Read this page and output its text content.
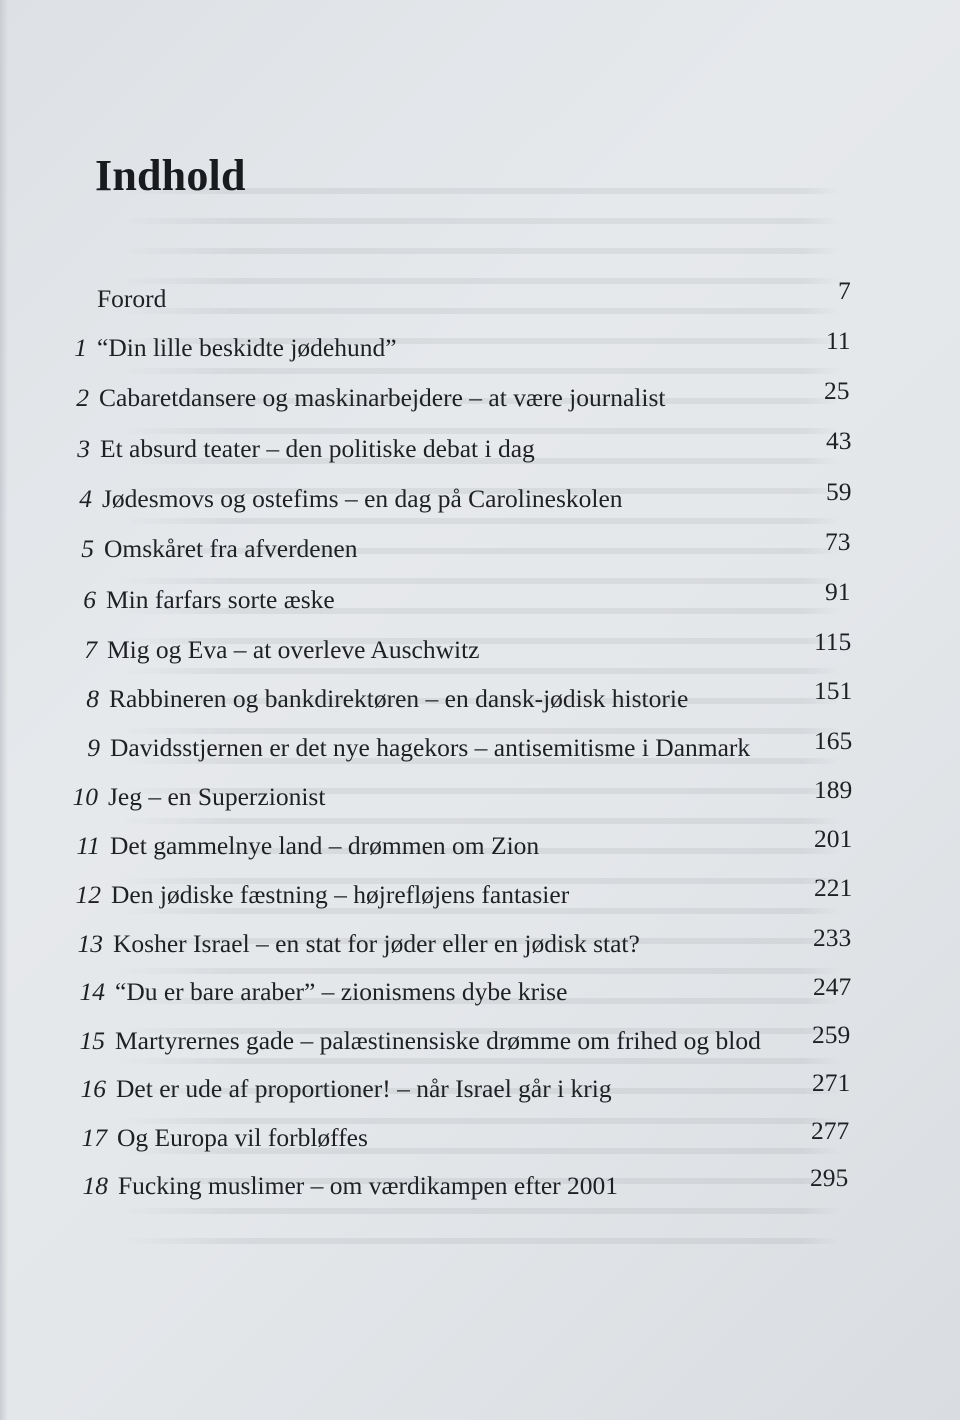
Indhold
Forord	7
1 “Din lille beskidte jødehund”	11
2 Cabaretdansere og maskinarbejdere – at være journalist	25
3 Et absurd teater – den politiske debat i dag	43
4 Jødesmovs og ostefims – en dag på Carolineskolen	59
5 Omskåret fra afverdenen	73
6 Min farfars sorte æske	91
7 Mig og Eva – at overleve Auschwitz	115
8 Rabbineren og bankdirektøren – en dansk-jødisk historie	151
9 Davidsstjernen er det nye hagekors – antisemitisme i Danmark	165
10 Jeg – en Superzionist	189
11 Det gammelnye land – drømmen om Zion	201
12 Den jødiske fæstning – højrefløjens fantasier	221
13 Kosher Israel – en stat for jøder eller en jødisk stat?	233
14 “Du er bare araber” – zionismens dybe krise	247
15 Martyrernes gade – palæstinensiske drømme om frihed og blod 259
16 Det er ude af proportioner! – når Israel går i krig	271
17 Og Europa vil forbløffes	277
18 Fucking muslimer – om værdikampen efter 2001	295
